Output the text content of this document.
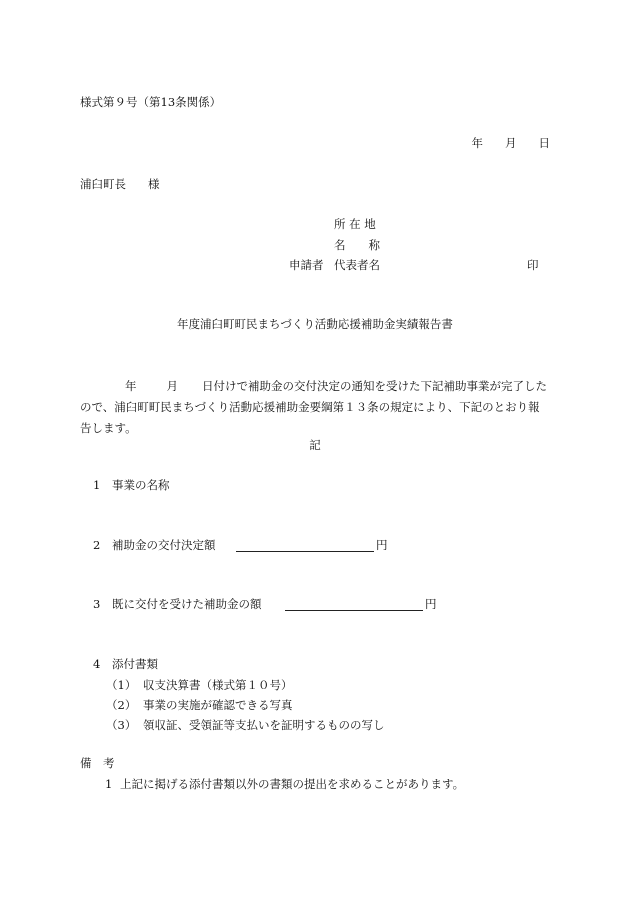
様式第９号（第13条関係）
年 月 日
浦臼町長 様
所 在 地
名　　称
申請者 代表者名	印
年度浦臼町町民まちづくり活動応援補助金実績報告書
年	月 日付けで補助金の交付決定の通知を受けた下記補助事業が完了した
ので、浦臼町町民まちづくり活動応援補助金要綱第１３条の規定により、下記のとおり報
告します。
記
1 事業の名称
2 補助金の交付決定額	円
3 既に交付を受けた補助金の額	円
4 添付書類
（1） 収支決算書（様式第１０号）
（2） 事業の実施が確認できる写真
（3） 領収証、受領証等支払いを証明するものの写し
備　考
1 上記に掲げる添付書類以外の書類の提出を求めることがあります。
